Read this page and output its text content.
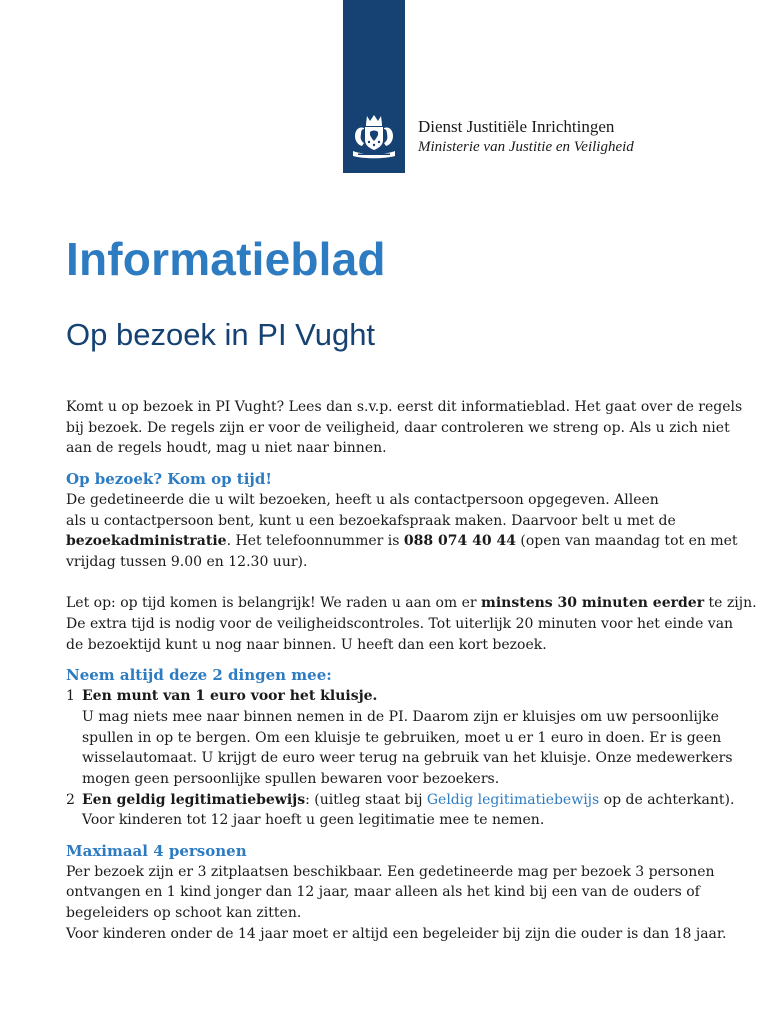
Dienst Justitiële Inrichtingen
Ministerie van Justitie en Veiligheid
Informatieblad
Op bezoek in PI Vught

Komt u op bezoek in PI Vught? Lees dan s.v.p. eerst dit informatieblad. Het gaat over de regels
bij bezoek. De regels zijn er voor de veiligheid, daar controleren we streng op. Als u zich niet
aan de regels houdt, mag u niet naar binnen.

Op bezoek? Kom op tijd!

De gedetineerde die u wilt bezoeken, heeft u als contactpersoon opgegeven. Alleen
als u contactpersoon bent, kunt u een bezoekafspraak maken. Daarvoor belt u met de
bezoekadministratie. Het telefoonnummer is 088 074 40 44 (open van maandag tot en met
vrijdag tussen 9.00 en 12.30 uur).

Let op: op tijd komen is belangrijk! We raden u aan om er minstens 30 minuten eerder te zijn.
De extra tijd is nodig voor de veiligheidscontroles. Tot uiterlijk 20 minuten voor het einde van
de bezoektijd kunt u nog naar binnen. U heeft dan een kort bezoek.

Neem altijd deze 2 dingen mee:
1 Een munt van 1 euro voor het kluisje.
U mag niets mee naar binnen nemen in de PI. Daarom zijn er kluisjes om uw persoonlijke
spullen in op te bergen. Om een kluisje te gebruiken, moet u er 1 euro in doen. Er is geen
wisselautomaat. U krijgt de euro weer terug na gebruik van het kluisje. Onze medewerkers
mogen geen persoonlijke spullen bewaren voor bezoekers.
2 Een geldig legitimatiebewijs: (uitleg staat bij Geldig legitimatiebewijs op de achterkant).
Voor kinderen tot 12 jaar hoeft u geen legitimatie mee te nemen.
Maximaal 4 personen

Per bezoek zijn er 3 zitplaatsen beschikbaar. Een gedetineerde mag per bezoek 3 personen
ontvangen en 1 kind jonger dan 12 jaar, maar alleen als het kind bij een van de ouders of
begeleiders op schoot kan zitten.
Voor kinderen onder de 14 jaar moet er altijd een begeleider bij zijn die ouder is dan 18 jaar.
